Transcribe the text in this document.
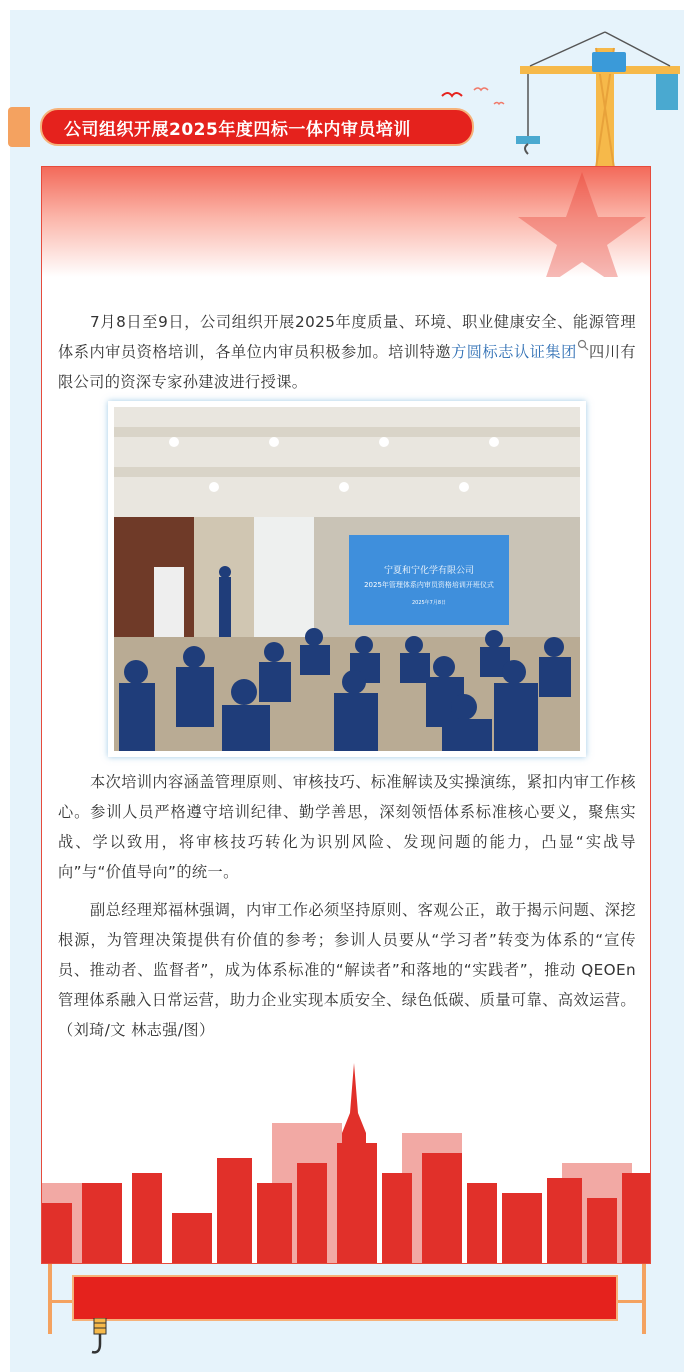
公司组织开展2025年度四标一体内审员培训
7月8日至9日，公司组织开展2025年度质量、环境、职业健康安全、能源管理体系内审员资格培训，各单位内审员积极参加。培训特邀方圆标志认证集团 四川有限公司的资深专家孙建波进行授课。
宁夏和宁化学有限公司
2025年管理体系内审员资格培训开班仪式
2025年7月8日
本次培训内容涵盖管理原则、审核技巧、标准解读及实操演练，紧扣内审工作核心。参训人员严格遵守培训纪律、勤学善思，深刻领悟体系标准核心要义，聚焦实战、学以致用，将审核技巧转化为识别风险、发现问题的能力，凸显“实战导向”与“价值导向”的统一。
副总经理郑福林强调，内审工作必须坚持原则、客观公正，敢于揭示问题、深挖根源，为管理决策提供有价值的参考；参训人员要从“学习者”转变为体系的“宣传员、推动者、监督者”，成为体系标准的“解读者”和落地的“实践者”，推动 QEOEn 管理体系融入日常运营，助力企业实现本质安全、绿色低碳、质量可靠、高效运营。（刘琦/文 林志强/图）
